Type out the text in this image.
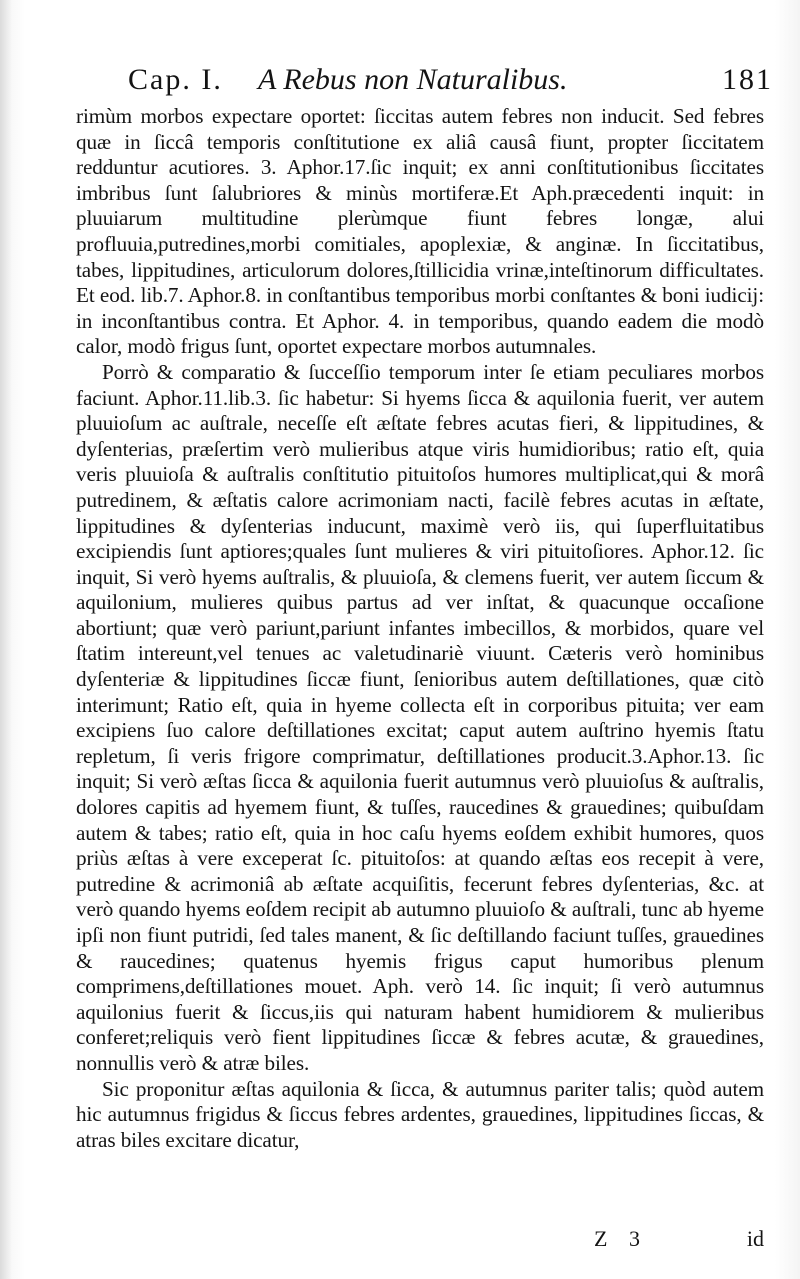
Cap. I. A Rebus non Naturalibus.	181

rimùm morbos expectare oportet: ſiccitas autem febres non inducit. Sed febres quæ in ſiccâ temporis conſtitutione ex aliâ causâ fiunt, propter ſiccitatem redduntur acutiores. 3. Aphor.17.ſic inquit; ex anni conſtitutionibus ſiccitates imbribus ſunt ſalubriores & minùs mortiferæ.Et Aph.præcedenti inquit: in pluuiarum multitudine plerùmque fiunt febres longæ, alui profluuia,putredines,morbi comitiales, apoplexiæ, & anginæ. In ſiccitatibus, tabes, lippitudines, articulorum dolores,ſtillicidia vrinæ,inteſtinorum difficultates. Et eod. lib.7. Aphor.8. in conſtantibus temporibus morbi conſtantes & boni iudicij: in inconſtantibus contra. Et Aphor. 4. in temporibus, quando eadem die modò calor, modò frigus ſunt, oportet expectare morbos autumnales.

Porrò & comparatio & ſucceſſio temporum inter ſe etiam peculiares morbos faciunt. Aphor.11.lib.3. ſic habetur: Si hyems ſicca & aquilonia fuerit, ver autem pluuioſum ac auſtrale, neceſſe eſt æſtate febres acutas fieri, & lippitudines, & dyſenterias, præſertim verò mulieribus atque viris humidioribus; ratio eſt, quia veris pluuioſa & auſtralis conſtitutio pituitoſos humores multiplicat,qui & morâ putredinem, & æſtatis calore acrimoniam nacti, facilè febres acutas in æſtate, lippitudines & dyſenterias inducunt, maximè verò iis, qui ſuperfluitatibus excipiendis ſunt aptiores;quales ſunt mulieres & viri pituitoſiores. Aphor.12. ſic inquit, Si verò hyems auſtralis, & pluuioſa, & clemens fuerit, ver autem ſiccum & aquilonium, mulieres quibus partus ad ver inſtat, & quacunque occaſione abortiunt; quæ verò pariunt,pariunt infantes imbecillos, & morbidos, quare vel ſtatim intereunt,vel tenues ac valetudinariè viuunt. Cæteris verò hominibus dyſenteriæ & lippitudines ſiccæ fiunt, ſenioribus autem deſtillationes, quæ citò interimunt; Ratio eſt, quia in hyeme collecta eſt in corporibus pituita; ver eam excipiens ſuo calore deſtillationes excitat; caput autem auſtrino hyemis ſtatu repletum, ſi veris frigore comprimatur, deſtillationes producit.3.Aphor.13. ſic inquit; Si verò æſtas ſicca & aquilonia fuerit autumnus verò pluuioſus & auſtralis, dolores capitis ad hyemem fiunt, & tuſſes, raucedines & grauedines; quibuſdam autem & tabes; ratio eſt, quia in hoc caſu hyems eoſdem exhibit humores, quos priùs æſtas à vere exceperat ſc. pituitoſos: at quando æſtas eos recepit à vere, putredine & acrimoniâ ab æſtate acquiſitis, fecerunt febres dyſenterias, &c. at verò quando hyems eoſdem recipit ab autumno pluuioſo & auſtrali, tunc ab hyeme ipſi non fiunt putridi, ſed tales manent, & ſic deſtillando faciunt tuſſes, grauedines & raucedines; quatenus hyemis frigus caput humoribus plenum comprimens,deſtillationes mouet. Aph. verò 14. ſic inquit; ſi verò autumnus aquilonius fuerit & ſiccus,iis qui naturam habent humidiorem & mulieribus conferet;reliquis verò fient lippitudines ſiccæ & febres acutæ, & grauedines, nonnullis verò & atræ biles.

Sic proponitur æſtas aquilonia & ſicca, & autumnus pariter talis; quòd autem hic autumnus frigidus & ſiccus febres ardentes, grauedines, lippitudines ſiccas, & atras biles excitare dicatur,

Z 3	id
